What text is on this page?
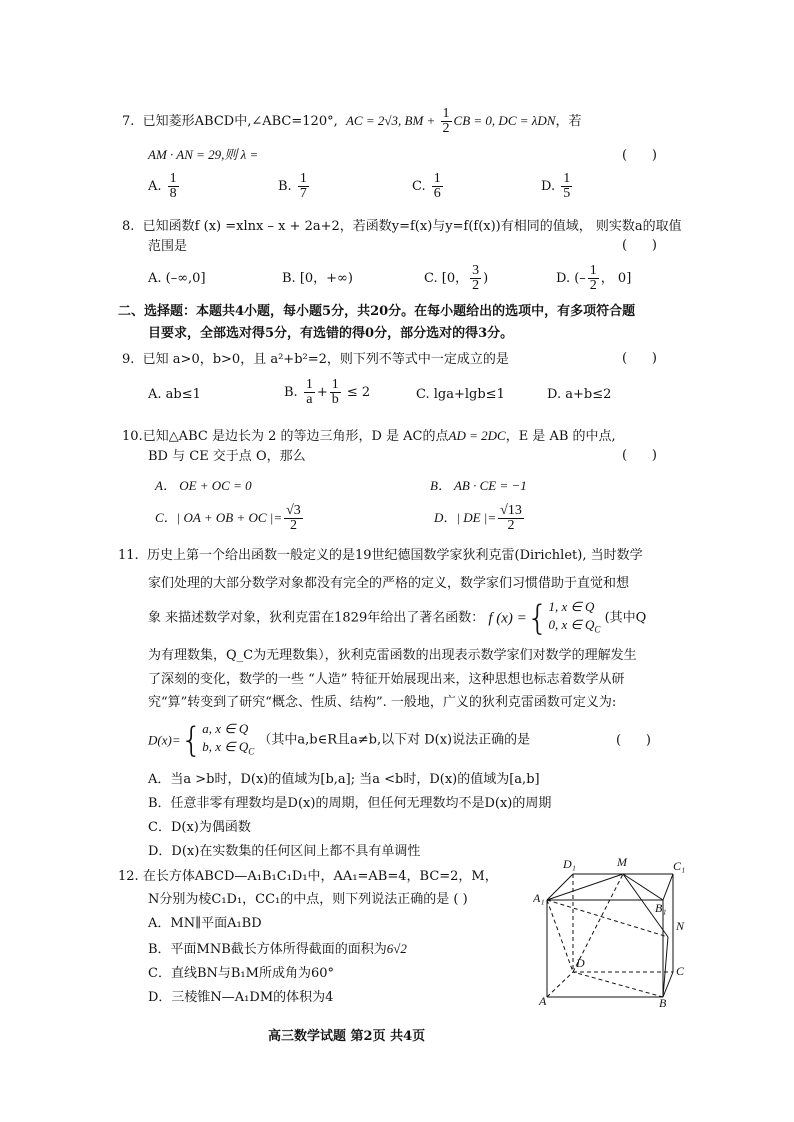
7. 已知菱形ABCD中,∠ABC=120°, AC = 2√3, BM + $\frac{1}{2}$ CB = 0, DC = λDN，若
AM · AN = 29,则 λ =	(      )
A. $\frac{1}{8}$	B. $\frac{1}{7}$	C. $\frac{1}{6}$	D. $\frac{1}{5}$
8. 已知函数f (x) =xlnx – x + 2a+2，若函数y=f(x)与y=f(f(x))有相同的值域， 则实数a的取值
范围是	(      )
A. (–∞,0]	B. [0，+∞)	C. [0， $\frac{3}{2}$ )	D. (– $\frac{1}{2}$ ， 0]
二、选择题：本题共4小题，每小题5分，共20分。在每小题给出的选项中，有多项符合题
目要求，全部选对得5分，有选错的得0分，部分选对的得3分。
9. 已知 a>0，b>0，且 a²+b²=2，则下列不等式中一定成立的是	(      )
A. ab≤1	B. $\frac{1}{a} + \frac{1}{b} \le 2$	C. lga+lgb≤1	D. a+b≤2
10.已知△ABC 是边长为 2 的等边三角形，D 是 AC的点AD = 2DC，E 是 AB 的中点,
BD 与 CE 交于点 O，那么	(      )
A． OE + OC = 0	B． AB · CE = −1
C．| OA + OB + OC |= $\frac{√3}{2}$	D．| DE |= $\frac{√13}{2}$
11. 历史上第一个给出函数一般定义的是19世纪德国数学家狄利克雷(Dirichlet), 当时数学
家们处理的大部分数学对象都没有完全的严格的定义，数学家们习惯借助于直觉和想
象 来描述数学对象，狄利克雷在1829年给出了著名函数： f (x) ={1, x ∈ Q
0, x ∈ $Q_C$ (其中Q
为有理数集，Q_C为无理数集），狄利克雷函数的出现表示数学家们对数学的理解发生
了深刻的变化，数学的一些 “人造” 特征开始展现出来，这种思想也标志着数学从研
究“算”转变到了研究“概念、性质、结构”. 一般地，广义的狄利克雷函数可定义为:
D(x)={a, x ∈ Q
b, x ∈ $Q_C$ （其中a,b∈R且a≠b,以下对 D(x)说法正确的是	(      )
A．当a >b时，D(x)的值域为[b,a]; 当a <b时，D(x)的值域为[a,b]
B．任意非零有理数均是D(x)的周期，但任何无理数均不是D(x)的周期
C．D(x)为偶函数
D．D(x)在实数集的任何区间上都不具有单调性
12. 在长方体ABCD—A₁B₁C₁D₁中，AA₁=AB=4，BC=2，M，
N分别为棱C₁D₁，CC₁的中点，则下列说法正确的是 ( )
A．MN∥平面A₁BD
B．平面MNB截长方体所得截面的面积为6√2
C．直线BN与B₁M所成角为60°
D．三棱锥N—A₁DM的体积为4
D₁	M	C₁
A₁
B₁
N
D
C
A	B
高三数学试题 第2页 共4页
